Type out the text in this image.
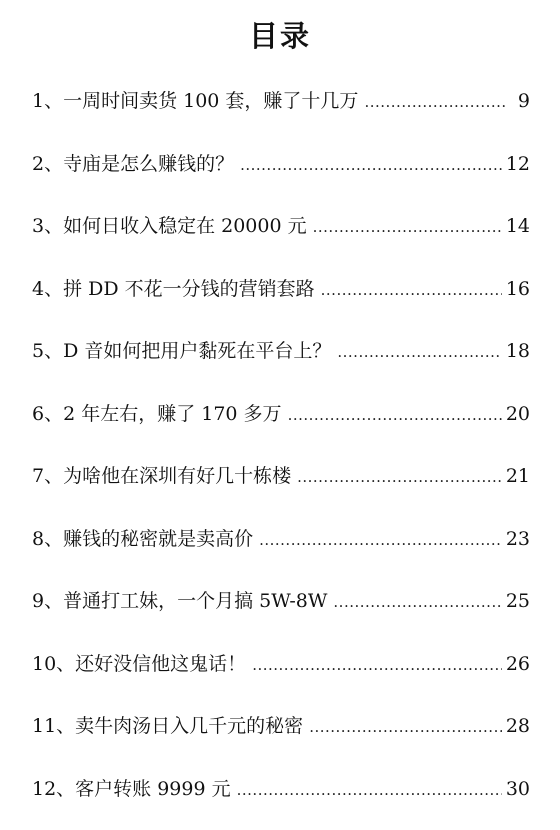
目录
1、一周时间卖货 100 套，赚了十几万 .....	9
2、寺庙是怎么赚钱的？ .....	12
3、如何日收入稳定在 20000 元 .....	14
4、拼 DD 不花一分钱的营销套路 .....	16
5、D 音如何把用户黏死在平台上？ .....	18
6、2 年左右，赚了 170 多万 .....	20
7、为啥他在深圳有好几十栋楼 .....	21
8、赚钱的秘密就是卖高价 .....	23
9、普通打工妹，一个月搞 5W-8W .....	25
10、还好没信他这鬼话！ .....	26
11、卖牛肉汤日入几千元的秘密 .....	28
12、客户转账 9999 元 .....	30
